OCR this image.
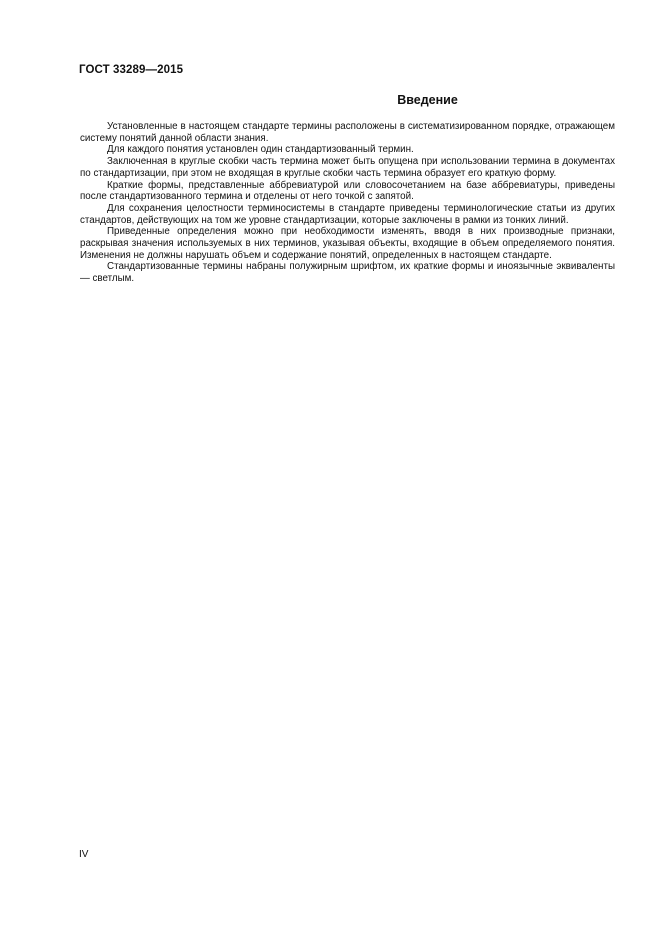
ГОСТ 33289—2015
Введение

Установленные в настоящем стандарте термины расположены в систематизированном порядке, отражающем систему понятий данной области знания.

Для каждого понятия установлен один стандартизованный термин.

Заключенная в круглые скобки часть термина может быть опущена при использовании термина в документах по стандартизации, при этом не входящая в круглые скобки часть термина образует его краткую форму.

Краткие формы, представленные аббревиатурой или словосочетанием на базе аббревиатуры, приведены после стандартизованного термина и отделены от него точкой с запятой.

Для сохранения целостности терминосистемы в стандарте приведены терминологические статьи из других стандартов, действующих на том же уровне стандартизации, которые заключены в рамки из тонких линий.

Приведенные определения можно при необходимости изменять, вводя в них производные признаки, раскрывая значения используемых в них терминов, указывая объекты, входящие в объем определяемого понятия. Изменения не должны нарушать объем и содержание понятий, определенных в настоящем стандарте.

Стандартизованные термины набраны полужирным шрифтом, их краткие формы и иноязычные эквиваленты — светлым.

IV
